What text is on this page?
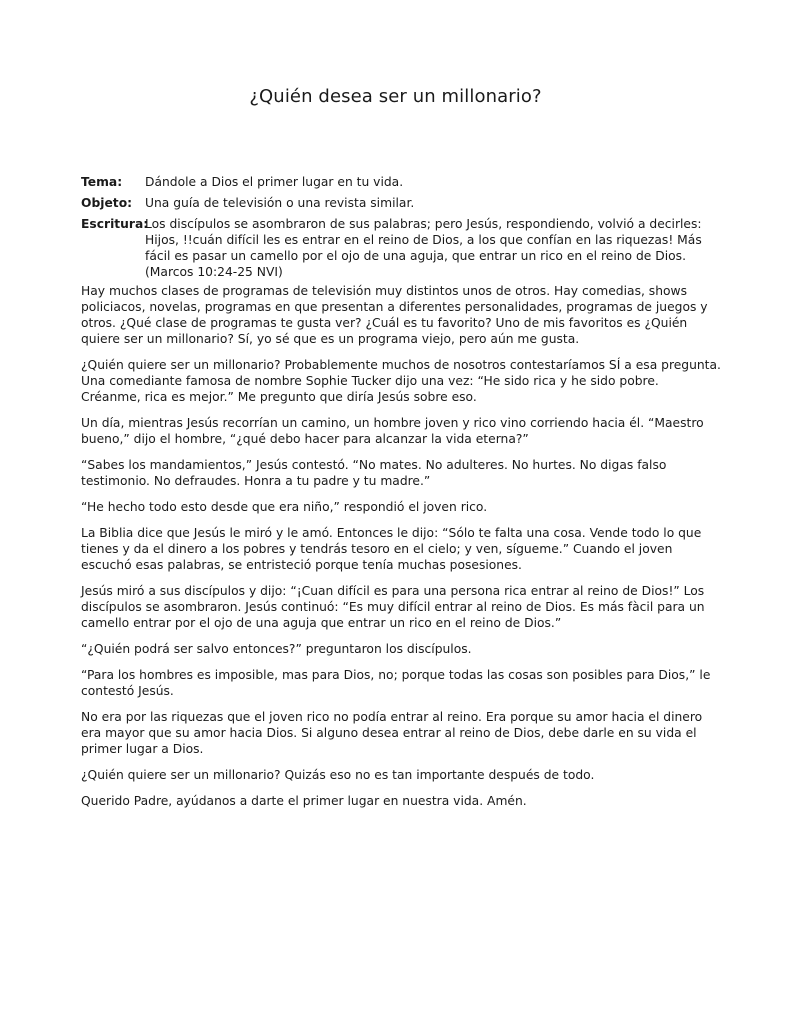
¿Quién desea ser un millonario?
Tema:	Dándole a Dios el primer lugar en tu vida.
Objeto:	Una guía de televisión o una revista similar.
Escritura:
Los discípulos se asombraron de sus palabras; pero Jesús, respondiendo, volvió a decirles: Hijos, !!cuán difícil les es entrar en el reino de Dios, a los que confían en las riquezas! Más fácil es pasar un camello por el ojo de una aguja, que entrar un rico en el reino de Dios. (Marcos 10:24-25 NVI)

Hay muchos clases de programas de televisión muy distintos unos de otros. Hay comedias, shows policiacos, novelas, programas en que presentan a diferentes personalidades, programas de juegos y otros. ¿Qué clase de programas te gusta ver? ¿Cuál es tu favorito? Uno de mis favoritos es ¿Quién quiere ser un millonario? Sí, yo sé que es un programa viejo, pero aún me gusta.

¿Quién quiere ser un millonario? Probablemente muchos de nosotros contestaríamos SÍ a esa pregunta. Una comediante famosa de nombre Sophie Tucker dijo una vez: “He sido rica y he sido pobre. Créanme, rica es mejor.” Me pregunto que diría Jesús sobre eso.

Un día, mientras Jesús recorrían un camino, un hombre joven y rico vino corriendo hacia él. “Maestro bueno,” dijo el hombre, “¿qué debo hacer para alcanzar la vida eterna?”

“Sabes los mandamientos,” Jesús contestó. “No mates. No adulteres. No hurtes. No digas falso testimonio. No defraudes. Honra a tu padre y tu madre.”

“He hecho todo esto desde que era niño,” respondió el joven rico.

La Biblia dice que Jesús le miró y le amó. Entonces le dijo: “Sólo te falta una cosa. Vende todo lo que tienes y da el dinero a los pobres y tendrás tesoro en el cielo; y ven, sígueme.” Cuando el joven escuchó esas palabras, se entristeció porque tenía muchas posesiones.

Jesús miró a sus discípulos y dijo: “¡Cuan difícil es para una persona rica entrar al reino de Dios!” Los discípulos se asombraron. Jesús continuó: “Es muy difícil entrar al reino de Dios. Es más fàcil para un camello entrar por el ojo de una aguja que entrar un rico en el reino de Dios.”

“¿Quién podrá ser salvo entonces?” preguntaron los discípulos.

“Para los hombres es imposible, mas para Dios, no; porque todas las cosas son posibles para Dios,” le contestó Jesús.

No era por las riquezas que el joven rico no podía entrar al reino. Era porque su amor hacia el dinero era mayor que su amor hacia Dios. Si alguno desea entrar al reino de Dios, debe darle en su vida el primer lugar a Dios.

¿Quién quiere ser un millonario? Quizás eso no es tan importante después de todo.

Querido Padre, ayúdanos a darte el primer lugar en nuestra vida. Amén.
